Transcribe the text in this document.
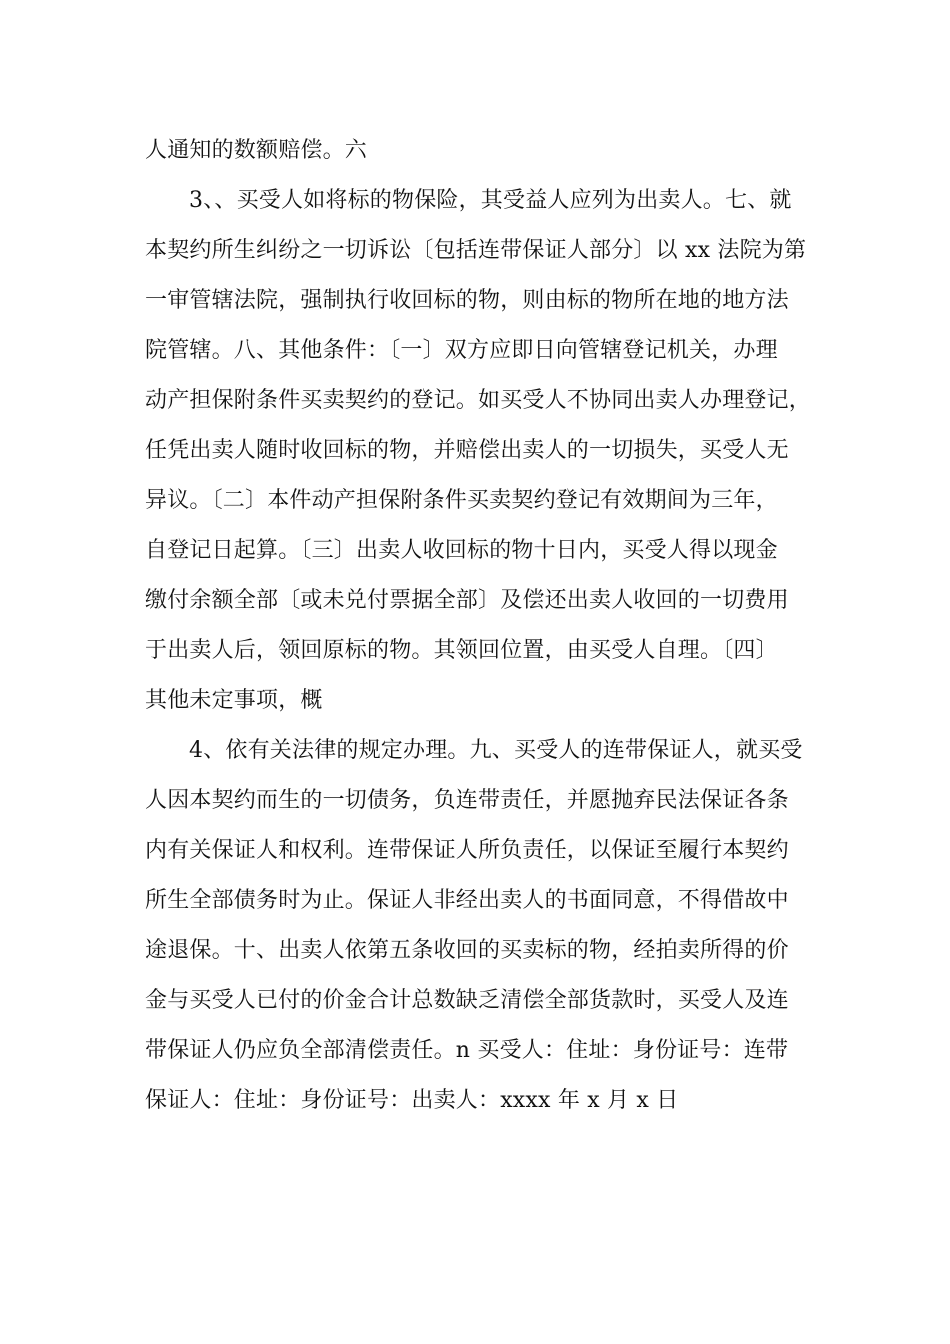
人通知的数额赔偿。六
3、、买受人如将标的物保险，其受益人应列为出卖人。七、就
本契约所生纠纷之一切诉讼〔包括连带保证人部分〕以 xx 法院为第
一审管辖法院，强制执行收回标的物，则由标的物所在地的地方法
院管辖。八、其他条件：〔一〕双方应即日向管辖登记机关，办理
动产担保附条件买卖契约的登记。如买受人不协同出卖人办理登记，
任凭出卖人随时收回标的物，并赔偿出卖人的一切损失，买受人无
异议。〔二〕本件动产担保附条件买卖契约登记有效期间为三年，
自登记日起算。〔三〕出卖人收回标的物十日内，买受人得以现金
缴付余额全部〔或未兑付票据全部〕及偿还出卖人收回的一切费用
于出卖人后，领回原标的物。其领回位置，由买受人自理。〔四〕
其他未定事项，概
4、依有关法律的规定办理。九、买受人的连带保证人，就买受
人因本契约而生的一切债务，负连带责任，并愿抛弃民法保证各条
内有关保证人和权利。连带保证人所负责任，以保证至履行本契约
所生全部债务时为止。保证人非经出卖人的书面同意，不得借故中
途退保。十、出卖人依第五条收回的买卖标的物，经拍卖所得的价
金与买受人已付的价金合计总数缺乏清偿全部货款时，买受人及连
带保证人仍应负全部清偿责任。n 买受人：住址：身份证号：连带
保证人：住址：身份证号：出卖人：xxxx 年 x 月 x 日
